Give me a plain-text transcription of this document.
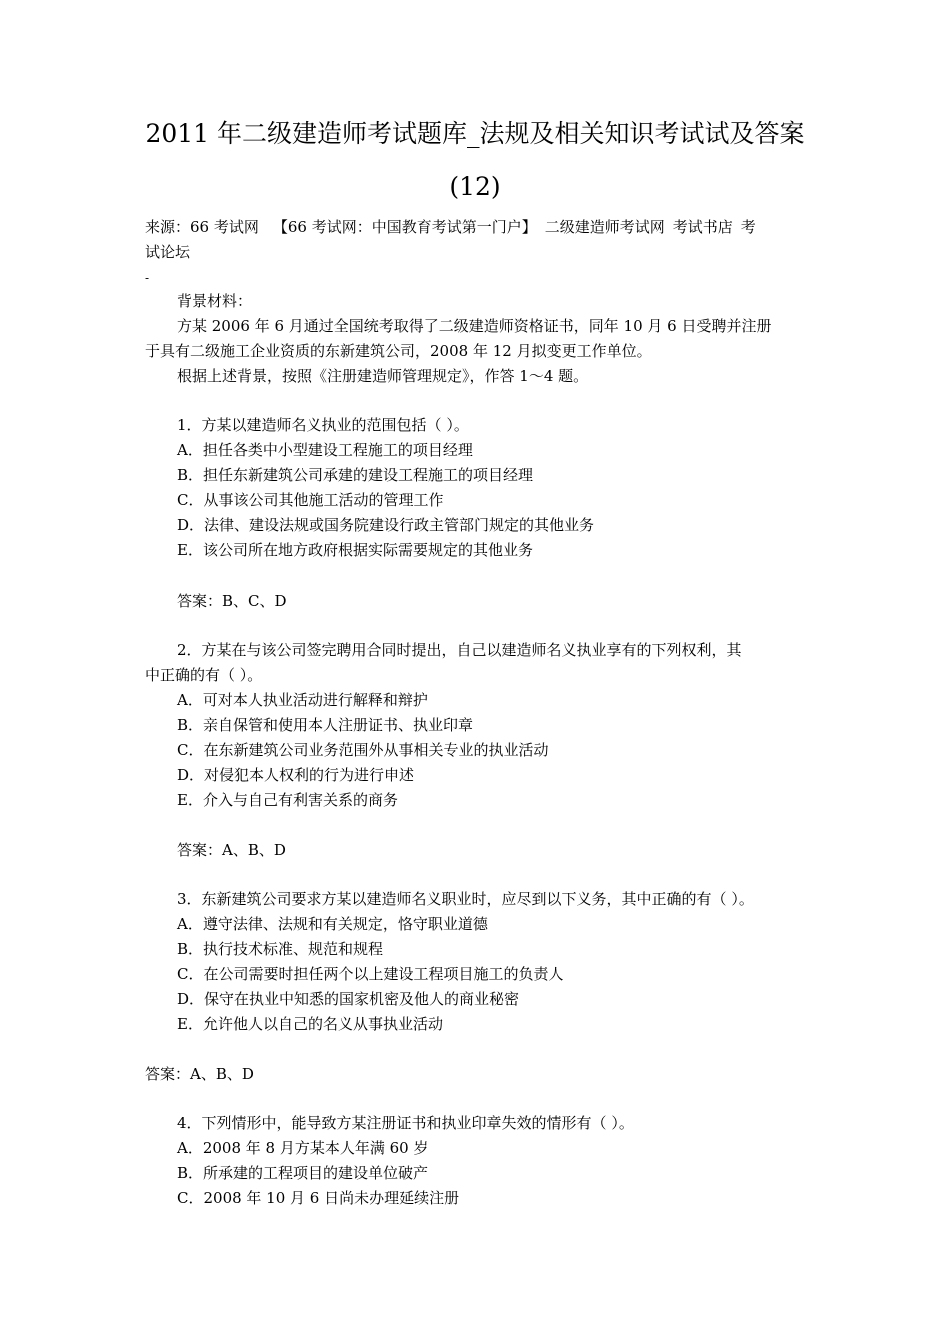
2011 年二级建造师考试题库_法规及相关知识考试试及答案
(12)
来源：66 考试网 【66 考试网：中国教育考试第一门户】 二级建造师考试网 考试书店 考
试论坛
-
背景材料：
方某 2006 年 6 月通过全国统考取得了二级建造师资格证书，同年 10 月 6 日受聘并注册
于具有二级施工企业资质的东新建筑公司，2008 年 12 月拟变更工作单位。
根据上述背景，按照《注册建造师管理规定》，作答 1～4 题。
1．方某以建造师名义执业的范围包括（ ）。
A．担任各类中小型建设工程施工的项目经理
B．担任东新建筑公司承建的建设工程施工的项目经理
C．从事该公司其他施工活动的管理工作
D．法律、建设法规或国务院建设行政主管部门规定的其他业务
E．该公司所在地方政府根据实际需要规定的其他业务
答案：B、C、D
2．方某在与该公司签完聘用合同时提出，自己以建造师名义执业享有的下列权利，其
中正确的有（ ）。
A．可对本人执业活动进行解释和辩护
B．亲自保管和使用本人注册证书、执业印章
C．在东新建筑公司业务范围外从事相关专业的执业活动
D．对侵犯本人权利的行为进行申述
E．介入与自己有利害关系的商务
答案：A、B、D
3．东新建筑公司要求方某以建造师名义职业时，应尽到以下义务，其中正确的有（ ）。
A．遵守法律、法规和有关规定，恪守职业道德
B．执行技术标准、规范和规程
C．在公司需要时担任两个以上建设工程项目施工的负责人
D．保守在执业中知悉的国家机密及他人的商业秘密
E．允许他人以自己的名义从事执业活动
答案：A、B、D
4．下列情形中，能导致方某注册证书和执业印章失效的情形有（ ）。
A．2008 年 8 月方某本人年满 60 岁
B．所承建的工程项目的建设单位破产
C．2008 年 10 月 6 日尚未办理延续注册
